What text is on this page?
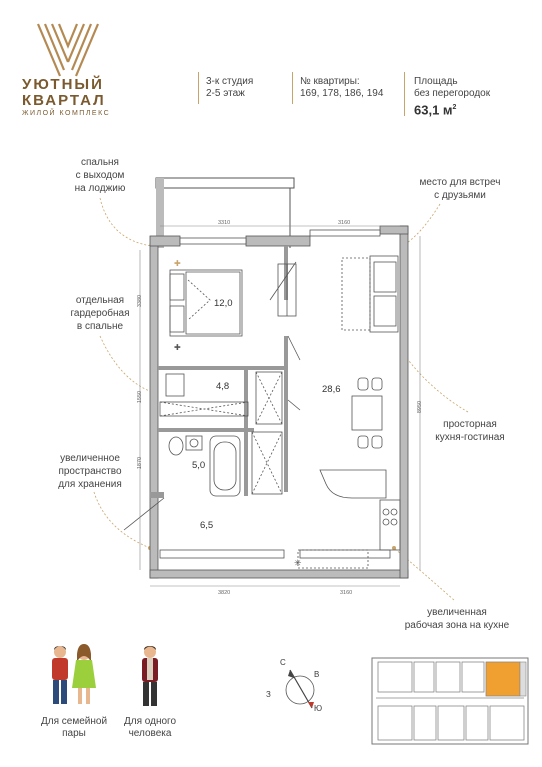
УЮТНЫЙ
КВАРТАЛ
ЖИЛОЙ КОМПЛЕКС
3-к студия
2-5 этаж
№ квартиры:
169, 178, 186, 194
Площадь
без перегородок
63,1 $м^2$
спальня
с выходом
на лоджию
отдельная
гардеробная
в спальне
увеличенное
пространство
для хранения
место для встреч
с друзьями
просторная
кухня-гостиная
увеличенная
рабочая зона на кухне
✚
✚
✳
12,0
4,8
5,0
6,5
28,6
3310	3160
3380
1550
1870
8950
3820	3160
Для семейной
пары
Для одного
человека
С
В
Ю
З
